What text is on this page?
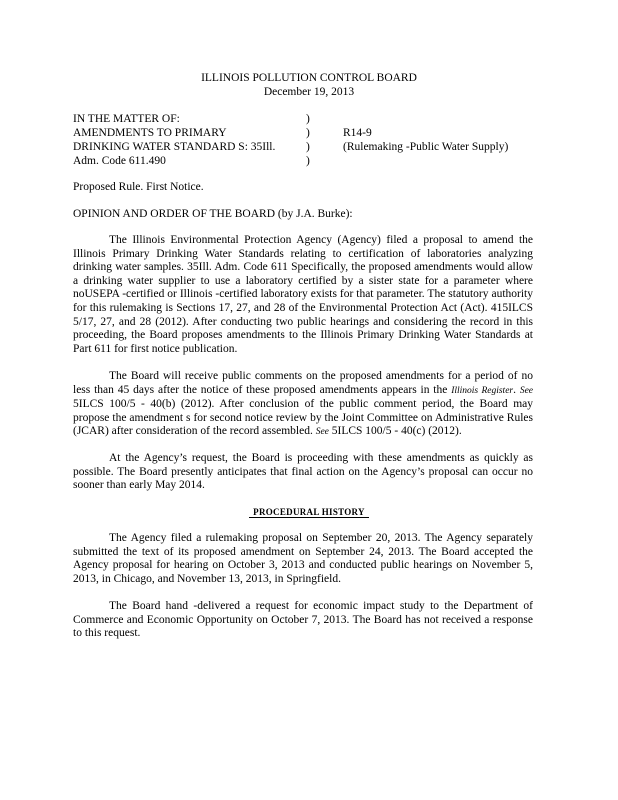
ILLINOIS POLLUTION CONTROL BOARD
December 19, 2013
IN THE MATTER OF:
AMENDMENTS TO PRIMARY
DRINKING WATER STANDARD S: 35Ill.
Adm. Code 611.490
)
)
)
)
R14-9
(Rulemaking -Public Water Supply)
Proposed Rule. First Notice.
OPINION AND ORDER OF THE BOARD (by J.A. Burke):

The Illinois Environmental Protection Agency (Agency) filed a proposal to amend the Illinois Primary Drinking Water Standards relating to certification of laboratories analyzing drinking water samples. 35Ill. Adm. Code 611 Specifically, the proposed amendments would allow a drinking water supplier to use a laboratory certified by a sister state for a parameter where noUSEPA -certified or Illinois -certified laboratory exists for that parameter. The statutory authority for this rulemaking is Sections 17, 27, and 28 of the Environmental Protection Act (Act). 415ILCS 5/17, 27, and 28 (2012). After conducting two public hearings and considering the record in this proceeding, the Board proposes amendments to the Illinois Primary Drinking Water Standards at Part 611 for first notice publication.

The Board will receive public comments on the proposed amendments for a period of no less than 45 days after the notice of these proposed amendments appears in the Illinois Register. See 5ILCS 100/5 - 40(b) (2012). After conclusion of the public comment period, the Board may propose the amendment s for second notice review by the Joint Committee on Administrative Rules (JCAR) after consideration of the record assembled. See 5ILCS 100/5 - 40(c) (2012).

At the Agency’s request, the Board is proceeding with these amendments as quickly as possible. The Board presently anticipates that final action on the Agency’s proposal can occur no sooner than early May 2014.

PROCEDURAL HISTORY

The Agency filed a rulemaking proposal on September 20, 2013. The Agency separately submitted the text of its proposed amendment on September 24, 2013. The Board accepted the Agency proposal for hearing on October 3, 2013 and conducted public hearings on November 5, 2013, in Chicago, and November 13, 2013, in Springfield.

The Board hand -delivered a request for economic impact study to the Department of Commerce and Economic Opportunity on October 7, 2013. The Board has not received a response to this request.
